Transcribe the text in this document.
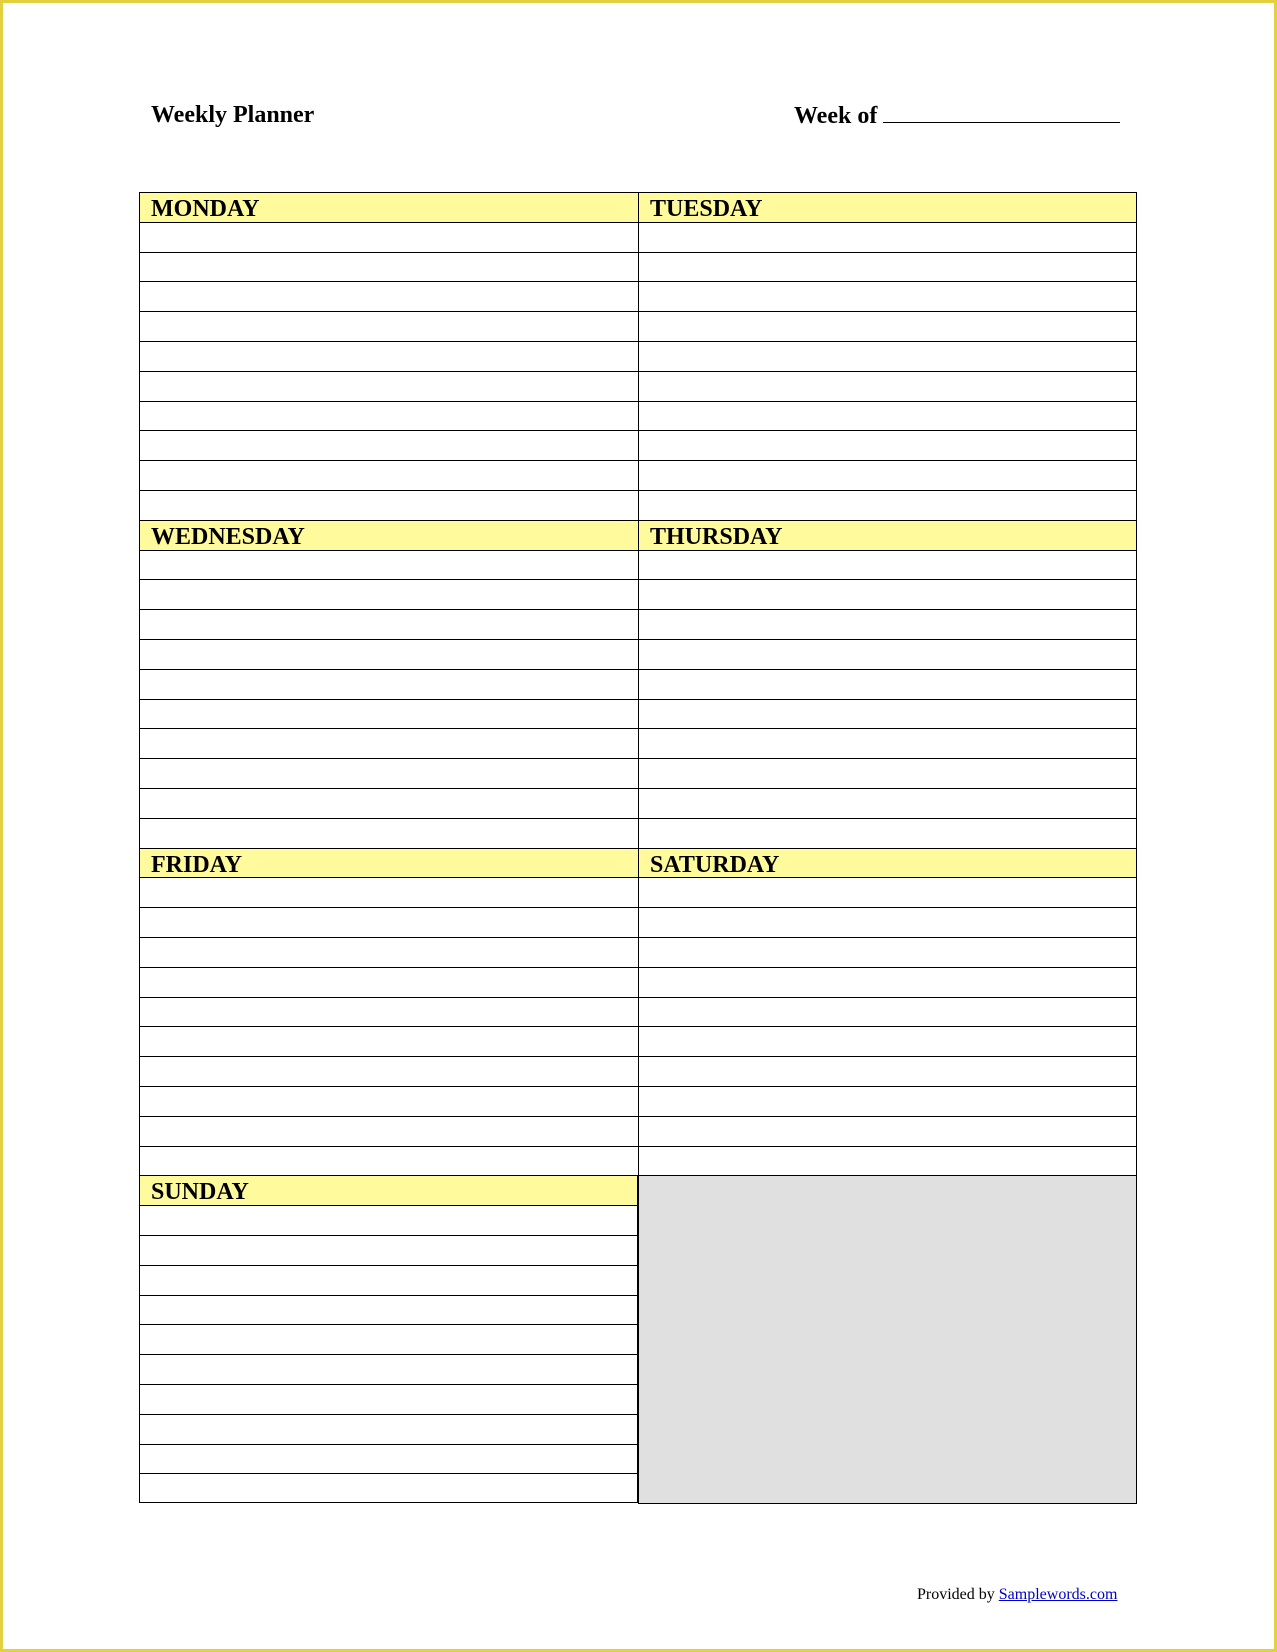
Weekly Planner	Week of
MONDAY	TUESDAY
WEDNESDAY	THURSDAY
FRIDAY	SATURDAY
SUNDAY
Provided by Samplewords.com
